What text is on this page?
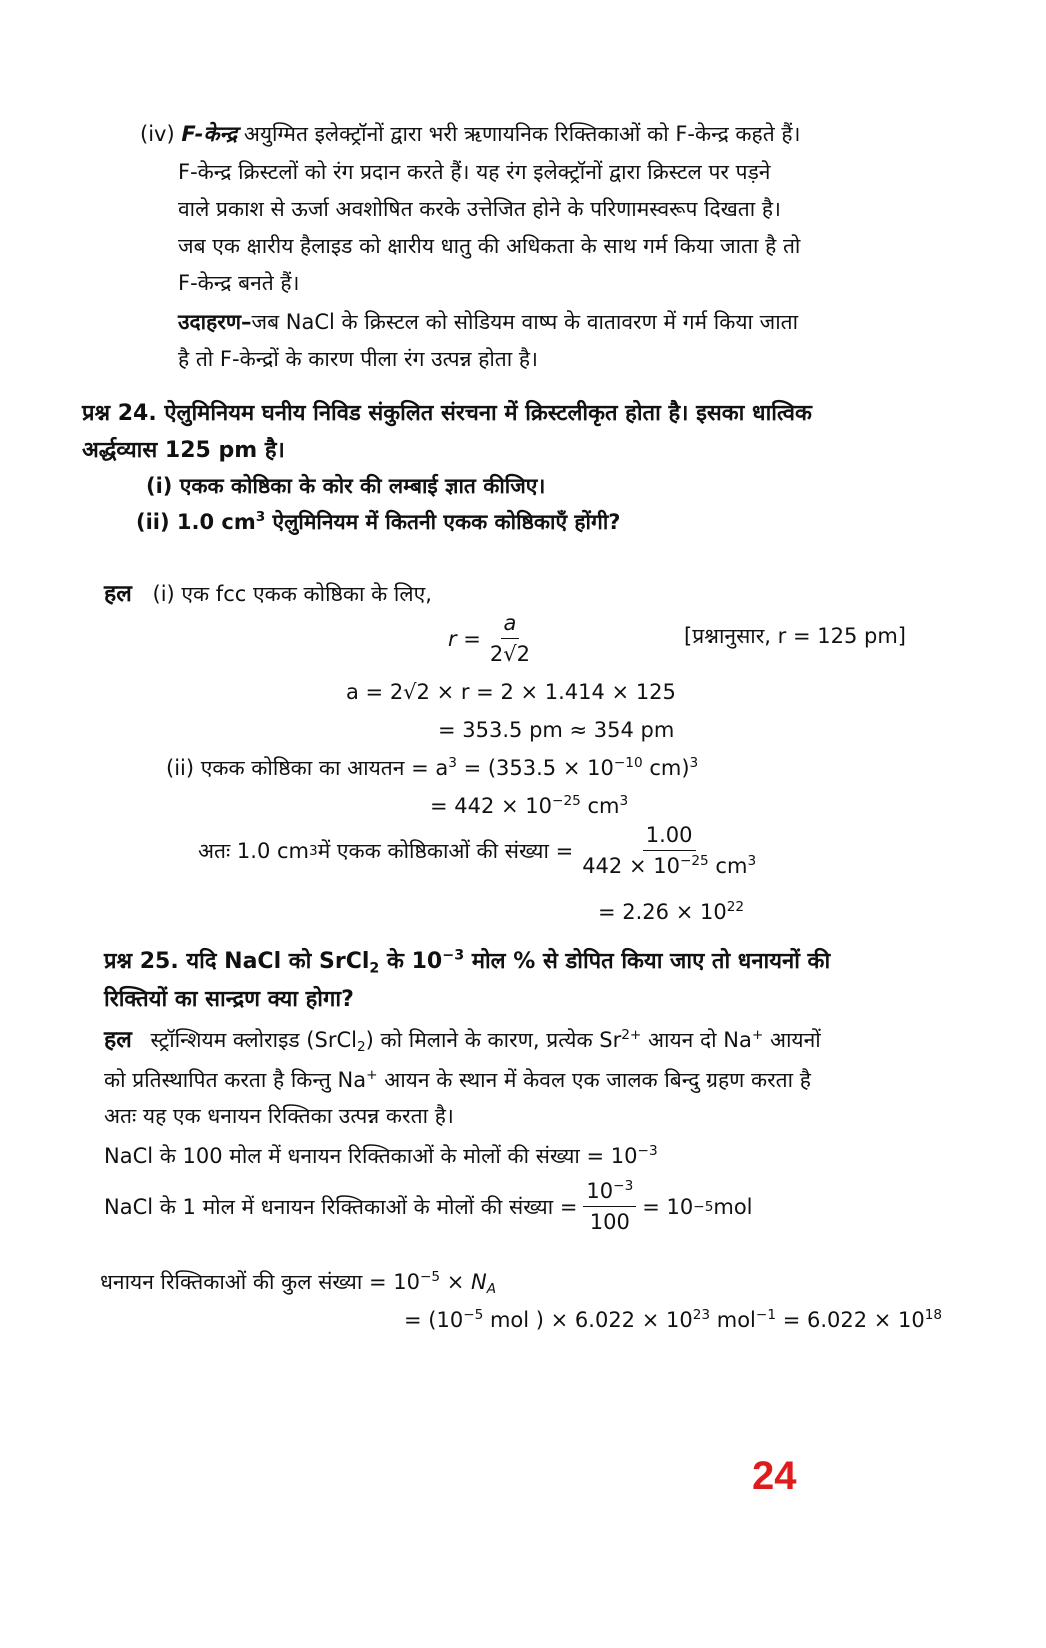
(iv) F-केन्द्र अयुग्मित इलेक्ट्रॉनों द्वारा भरी ऋणायनिक रिक्तिकाओं को F-केन्द्र कहते हैं।
F-केन्द्र क्रिस्टलों को रंग प्रदान करते हैं। यह रंग इलेक्ट्रॉनों द्वारा क्रिस्टल पर पड़ने
वाले प्रकाश से ऊर्जा अवशोषित करके उत्तेजित होने के परिणामस्वरूप दिखता है।
जब एक क्षारीय हैलाइड को क्षारीय धातु की अधिकता के साथ गर्म किया जाता है तो
F-केन्द्र बनते हैं।
उदाहरण–जब NaCl के क्रिस्टल को सोडियम वाष्प के वातावरण में गर्म किया जाता
है तो F-केन्द्रों के कारण पीला रंग उत्पन्न होता है।
प्रश्न 24. ऐलुमिनियम घनीय निविड संकुलित संरचना में क्रिस्टलीकृत होता है। इसका धात्विक
अर्द्धव्यास 125 pm है।
(i) एकक कोष्ठिका के कोर की लम्बाई ज्ञात कीजिए।
(ii) 1.0 $cm^3$ ऐलुमिनियम में कितनी एकक कोष्ठिकाएँ होंगी?
हल (i) एक fcc एकक कोष्ठिका के लिए,
$r = \frac{a}{2√2}$	[प्रश्नानुसार, r = 125 pm]
a = 2√2 × r = 2 × 1.414 × 125
= 353.5 pm ≈ 354 pm
(ii) एकक कोष्ठिका का आयतन = $a^3 = (353.5 \times 10^{-10}$ cm)$^3$
= $442 \times 10^{-25}$ $cm^3$
अतः 1.0 cm 3 में एकक कोष्ठिकाओं की संख्या = $\frac{1.00}{442 \times 10^{-25} cm^3}$
= $2.26 \times 10^{22}$
प्रश्न 25. यदि NaCl को SrCl$_2$ के $10^{-3}$ मोल % से डोपित किया जाए तो धनायनों की
रिक्तियों का सान्द्रण क्या होगा?
हल स्ट्रॉन्शियम क्लोराइड (SrCl$_2$) को मिलाने के कारण, प्रत्येक $Sr^{2+}$ आयन दो Na+ आयनों
को प्रतिस्थापित करता है किन्तु Na+ आयन के स्थान में केवल एक जालक बिन्दु ग्रहण करता है
अतः यह एक धनायन रिक्तिका उत्पन्न करता है।
NaCl के 100 मोल में धनायन रिक्तिकाओं के मोलों की संख्या = $10^{-3}$
NaCl के 1 मोल में धनायन रिक्तिकाओं के मोलों की संख्या = $\frac{10^{-3}}{100} = 10 -5$ mol
धनायन रिक्तिकाओं की कुल संख्या = $10^{-5} \times N_A$
= ($10^{-5}$ mol ) × $6.022 \times 10^{23}$ $mol^{-1} = 6.022 \times 10^{18}$
24
